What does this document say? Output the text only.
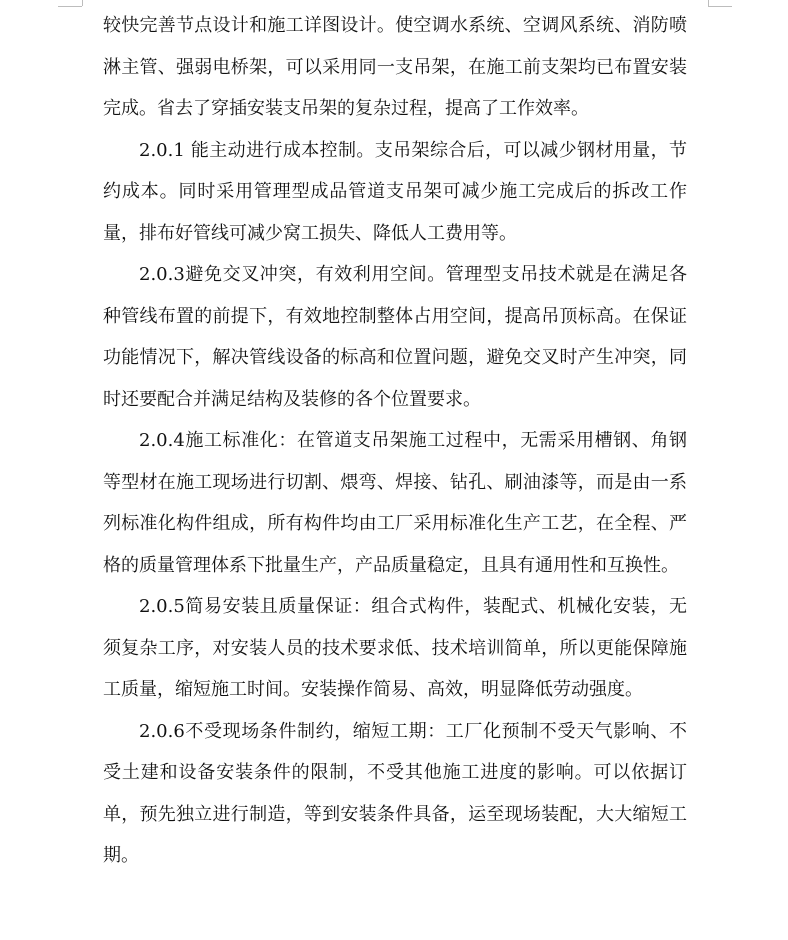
较快完善节点设计和施工详图设计。使空调水系统、空调风系统、消防喷淋主管、强弱电桥架，可以采用同一支吊架，在施工前支架均已布置安装完成。省去了穿插安装支吊架的复杂过程，提高了工作效率。

2.0.1 能主动进行成本控制。支吊架综合后，可以减少钢材用量，节约成本。同时采用管理型成品管道支吊架可减少施工完成后的拆改工作量，排布好管线可减少窝工损失、降低人工费用等。

2.0.3避免交叉冲突，有效利用空间。管理型支吊技术就是在满足各种管线布置的前提下，有效地控制整体占用空间，提高吊顶标高。在保证功能情况下，解决管线设备的标高和位置问题，避免交叉时产生冲突，同时还要配合并满足结构及装修的各个位置要求。

2.0.4施工标准化：在管道支吊架施工过程中，无需采用槽钢、角钢等型材在施工现场进行切割、煨弯、焊接、钻孔、刷油漆等，而是由一系列标准化构件组成，所有构件均由工厂采用标准化生产工艺，在全程、严格的质量管理体系下批量生产，产品质量稳定，且具有通用性和互换性。

2.0.5简易安装且质量保证：组合式构件，装配式、机械化安装，无须复杂工序，对安装人员的技术要求低、技术培训简单，所以更能保障施工质量，缩短施工时间。安装操作简易、高效，明显降低劳动强度。

2.0.6不受现场条件制约，缩短工期：工厂化预制不受天气影响、不受土建和设备安装条件的限制，不受其他施工进度的影响。可以依据订单，预先独立进行制造，等到安装条件具备，运至现场装配，大大缩短工期。
